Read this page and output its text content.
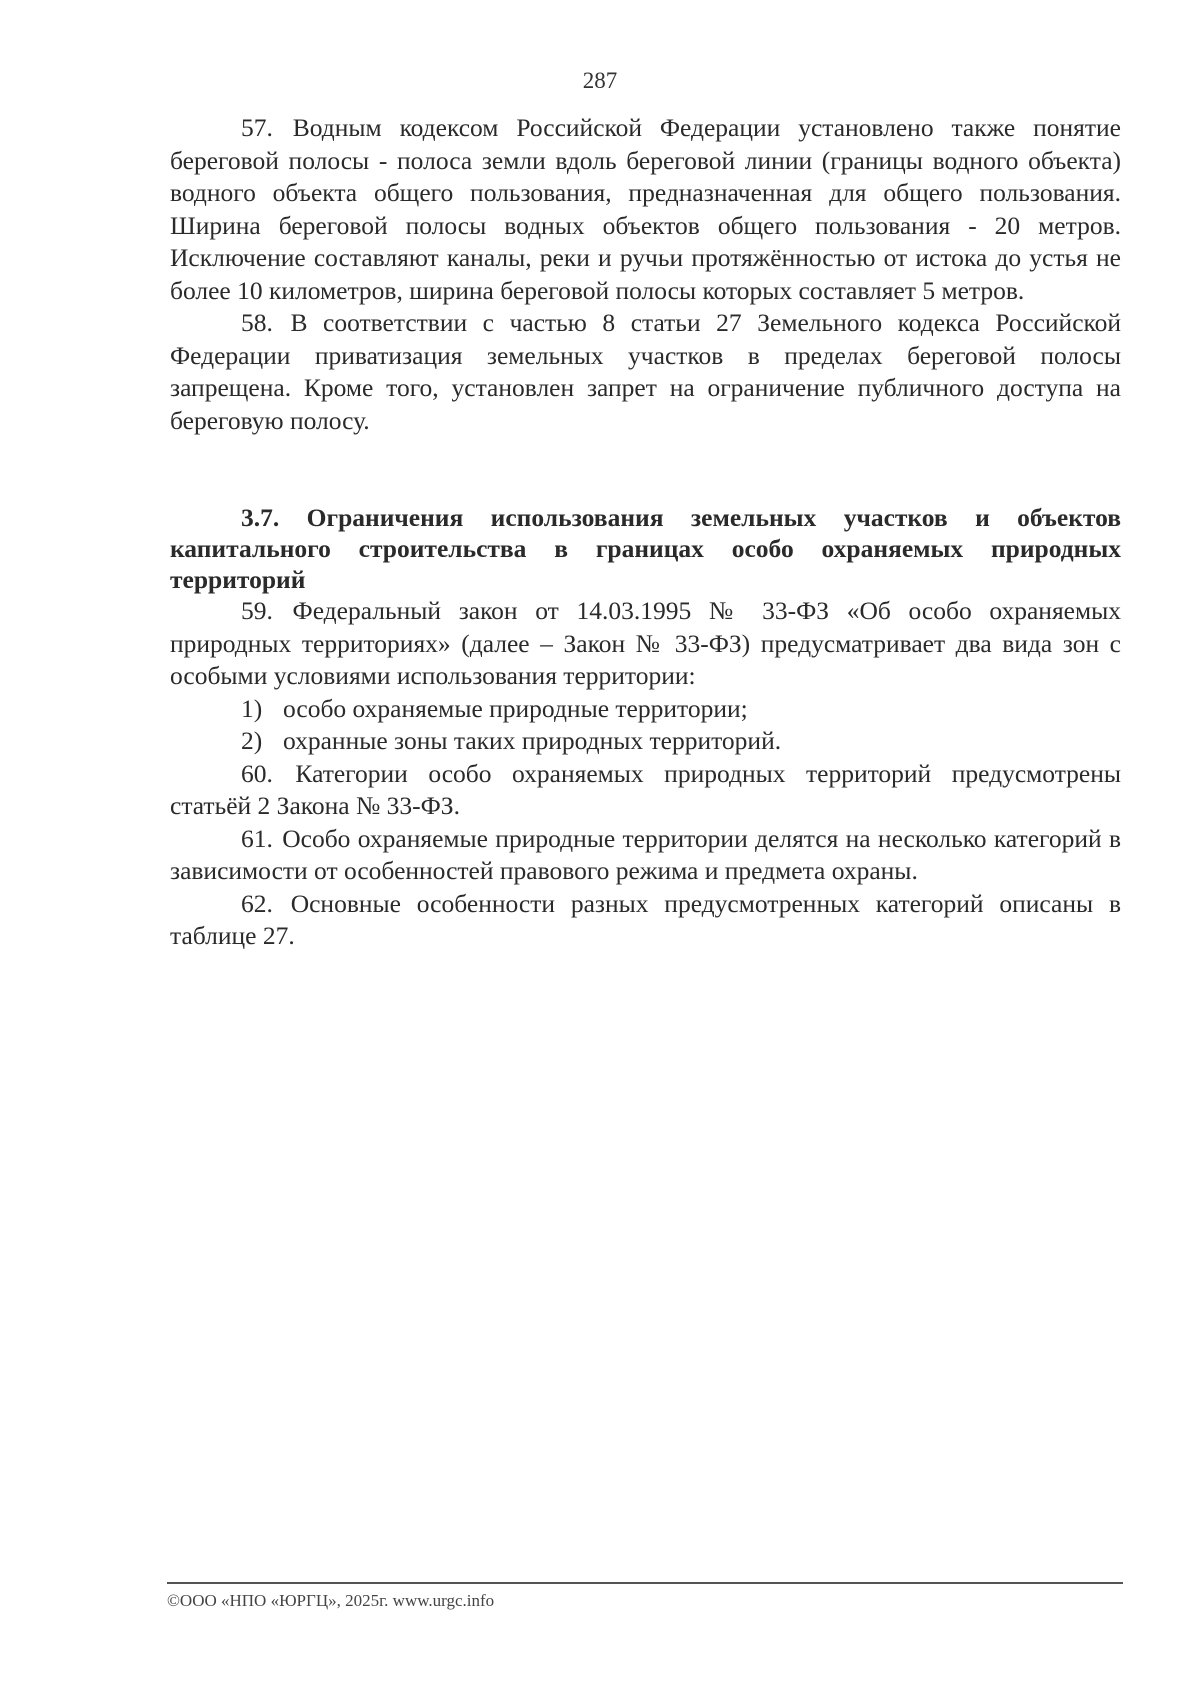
287

57. Водным кодексом Российской Федерации установлено также понятие береговой полосы - полоса земли вдоль береговой линии (границы водного объекта) водного объекта общего пользования, предназначенная для общего пользования. Ширина береговой полосы водных объектов общего пользования - 20 метров. Исключение составляют каналы, реки и ручьи протяжённостью от истока до устья не более 10 километров, ширина береговой полосы которых составляет 5 метров.

58. В соответствии с частью 8 статьи 27 Земельного кодекса Российской Федерации приватизация земельных участков в пределах береговой полосы запрещена. Кроме того, установлен запрет на ограничение публичного доступа на береговую полосу.

3.7. Ограничения использования земельных участков и объектов капитального строительства в границах особо охраняемых природных территорий

59. Федеральный закон от 14.03.1995 № 33-ФЗ «Об особо охраняемых природных территориях» (далее – Закон № 33-ФЗ) предусматривает два вида зон с особыми условиями использования территории:

1) особо охраняемые природные территории;

2) охранные зоны таких природных территорий.

60. Категории особо охраняемых природных территорий предусмотрены статьёй 2 Закона № 33-ФЗ.

61. Особо охраняемые природные территории делятся на несколько категорий в зависимости от особенностей правового режима и предмета охраны.

62. Основные особенности разных предусмотренных категорий описаны в таблице 27.

©ООО «НПО «ЮРГЦ», 2025г. www.urgc.info
